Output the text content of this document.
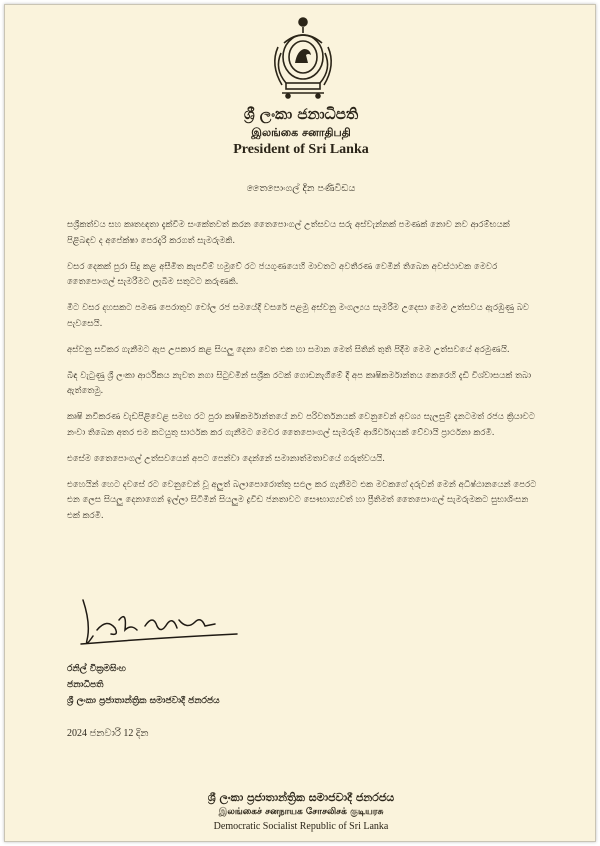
ශ්‍රී ලංකා ජනාධිපති
இலங்கை சனாதிபதி
President of Sri Lanka
තෛපොංගල් දින පණිවිඩය

සශ්‍රීකත්වය සහ කෘතඥතා දැක්වීම සංකේතවත් කරන තෛපොංගල් උත්සවය සරු අස්වැන්නක් පමණක් නොව නව ආරම්භයක් පිළිබඳව ද අපේක්ෂා පෙරදැරි කරගත් සැමරුමකි.

වසර දෙකක් පුරා සිදු කළ අසීමිත කැපවීම් හමුවේ රට ජයගුණයෙහි මාවතට අවතීරණ වෙමින් තිබෙන අවස්ථාවක මෙවර තෛපොංගල් සැමරීමට ලැබීම සතුටට කරුණකි.

මීට වසර දහසකට පමණ පෙරාතුව චෝල රජ සමයේදී වසරේ පළමු අස්වනු මංගල්‍යය සැමරීම උදෙසා මෙම උත්සවය ඇරඹුණු බව පැවසෙයි.

අස්වනු සවිකර ගැනීමට ඇප උපකාර කළ සියලු දෙනා වෙත එක හා සමාන මෙත් සිතින් තුති පිදීම මෙම උත්සවයේ අරමුණයි.

බිඳ වැටුණු ශ්‍රී ලංකා ආර්ථිකය නැවත නගා සිටුවමින් සශ්‍රීක රටක් ගොඩනැගීමේ දී අප කෘෂිකර්මාන්තය කෙරෙහි දැඩි විශ්වාසයක් තබා ඇත්තෙමු.

කෘෂි නවීකරණ වැඩපිළිවෙළ සමඟ රට පුරා කෘෂිකර්මාන්තයේ නව පරිවර්තනයක් වෙනුවෙන් අවශ්‍ය සැලසුම් දැනටමත් රජය ක්‍රියාවට නංවා තිබෙන අතර එම කටයුතු සාර්ථක කර ගැනීමට මෙවර තෛපොංගල් සැමරුම් ආශිර්වාදයක් වේවායි ප්‍රාර්ථනා කරමි.

එසේම තෛපොංගල් උත්සවයෙන් අපට පෙන්වා දෙන්නේ සමානාත්මතාවයේ ගරුත්වයයි.

එහෙයින් හෙට දවසේ රට වෙනුවෙන් වූ අලුත් බලාපොරොත්තු සඵල කර ගැනීමට එක මවකගේ දරුවන් මෙන් අධිෂ්ඨානයෙන් පෙරට එන ලෙස සියලු දෙනාගෙන් ඉල්ලා සිටිමින් සියලුම ද්‍රවිඩ ජනතාවට සෞභාග්‍යවත් හා ප්‍රීතිමත් තෛපොංගල් සැමරුමකට සුභාශිංසන එක් කරමි.

රනිල් වික්‍රමසිංහ
ජනාධිපති
ශ්‍රී ලංකා ප්‍රජාතාන්ත්‍රික සමාජවාදී ජනරජය
2024 ජනවාරි 12 දින
ශ්‍රී ලංකා ප්‍රජාතාන්ත්‍රික සමාජවාදී ජනරජය
இலங்கைச் சனநாயக சோசலிசக் குடியரசு
Democratic Socialist Republic of Sri Lanka
